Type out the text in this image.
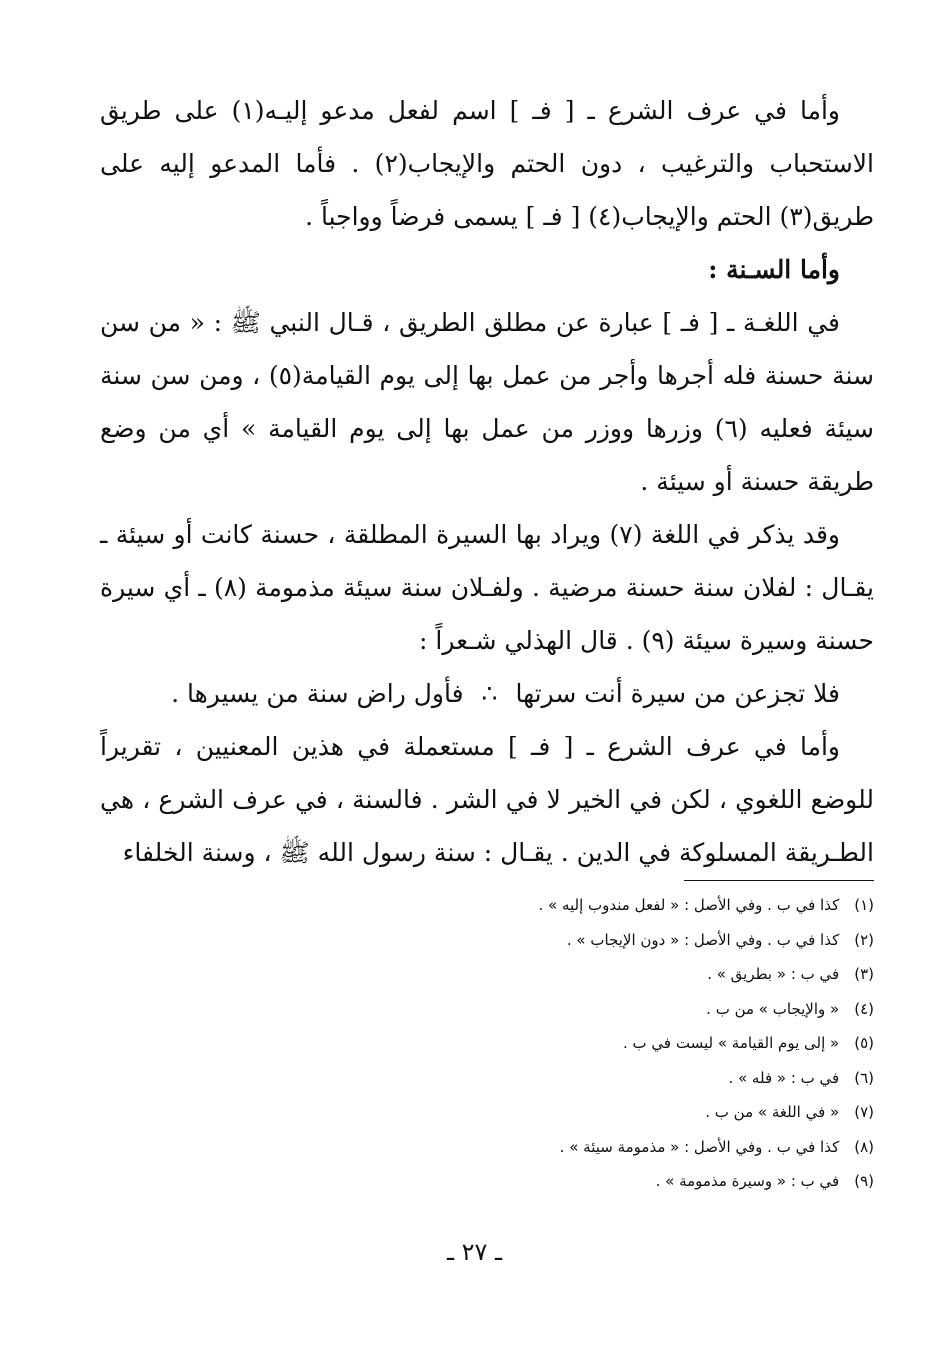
وأما في عرف الشرع ـ [ فـ ] اسم لفعل مدعو إليـه(١) على طريق الاستحباب والترغيب ، دون الحتم والإيجاب(٢) . فأما المدعو إليه على طريق(٣) الحتم والإيجاب(٤) [ فـ ] يسمى فرضاً وواجباً .

وأما السـنة :

في اللغـة ـ [ فـ ] عبارة عن مطلق الطريق ، قـال النبي ﷺ : « من سن سنة حسنة فله أجرها وأجر من عمل بها إلى يوم القيامة(٥) ، ومن سن سنة سيئة فعليه (٦) وزرها ووزر من عمل بها إلى يوم القيامة » أي من وضع طريقة حسنة أو سيئة .

وقد يذكر في اللغة (٧) ويراد بها السيرة المطلقة ، حسنة كانت أو سيئة ـ يقـال : لفلان سنة حسنة مرضية . ولفـلان سنة سيئة مذمومة (٨) ـ أي سيرة حسنة وسيرة سيئة (٩) . قال الهذلي شـعراً :

فلا تجزعن من سيرة أنت سرتها∴فأول راض سنة من يسيرها .

وأما في عرف الشرع ـ [ فـ ] مستعملة في هذين المعنيين ، تقريراً للوضع اللغوي ، لكن في الخير لا في الشر . فالسنة ، في عرف الشرع ، هي الطـريقة المسلوكة في الدين . يقـال : سنة رسول الله ﷺ ، وسنة الخلفاء

(١) كذا في ب . وفي الأصل : « لفعل مندوب إليه » .
(٢) كذا في ب . وفي الأصل : « دون الإيجاب » .
(٣) في ب : « بطريق » .
(٤) « والإيجاب » من ب .
(٥) « إلى يوم القيامة » ليست في ب .
(٦) في ب : « فله » .
(٧) « في اللغة » من ب .
(٨) كذا في ب . وفي الأصل : « مذمومة سيئة » .
(٩) في ب : « وسيرة مذمومة » .
ـ ٢٧ ـ
